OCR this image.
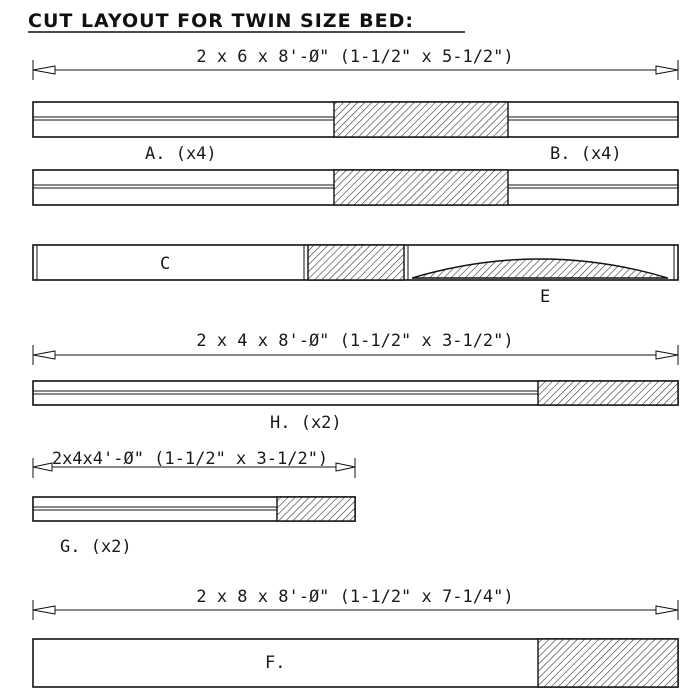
CUT LAYOUT FOR TWIN SIZE BED:
2 x 6 x 8'-Ø" (1-1/2" x 5-1/2")
A. (x4)	B. (x4)
C
E
2 x 4 x 8'-Ø" (1-1/2" x 3-1/2")
H. (x2)
2x4x4'-Ø" (1-1/2" x 3-1/2")
G. (x2)
2 x 8 x 8'-Ø" (1-1/2" x 7-1/4")
F.
